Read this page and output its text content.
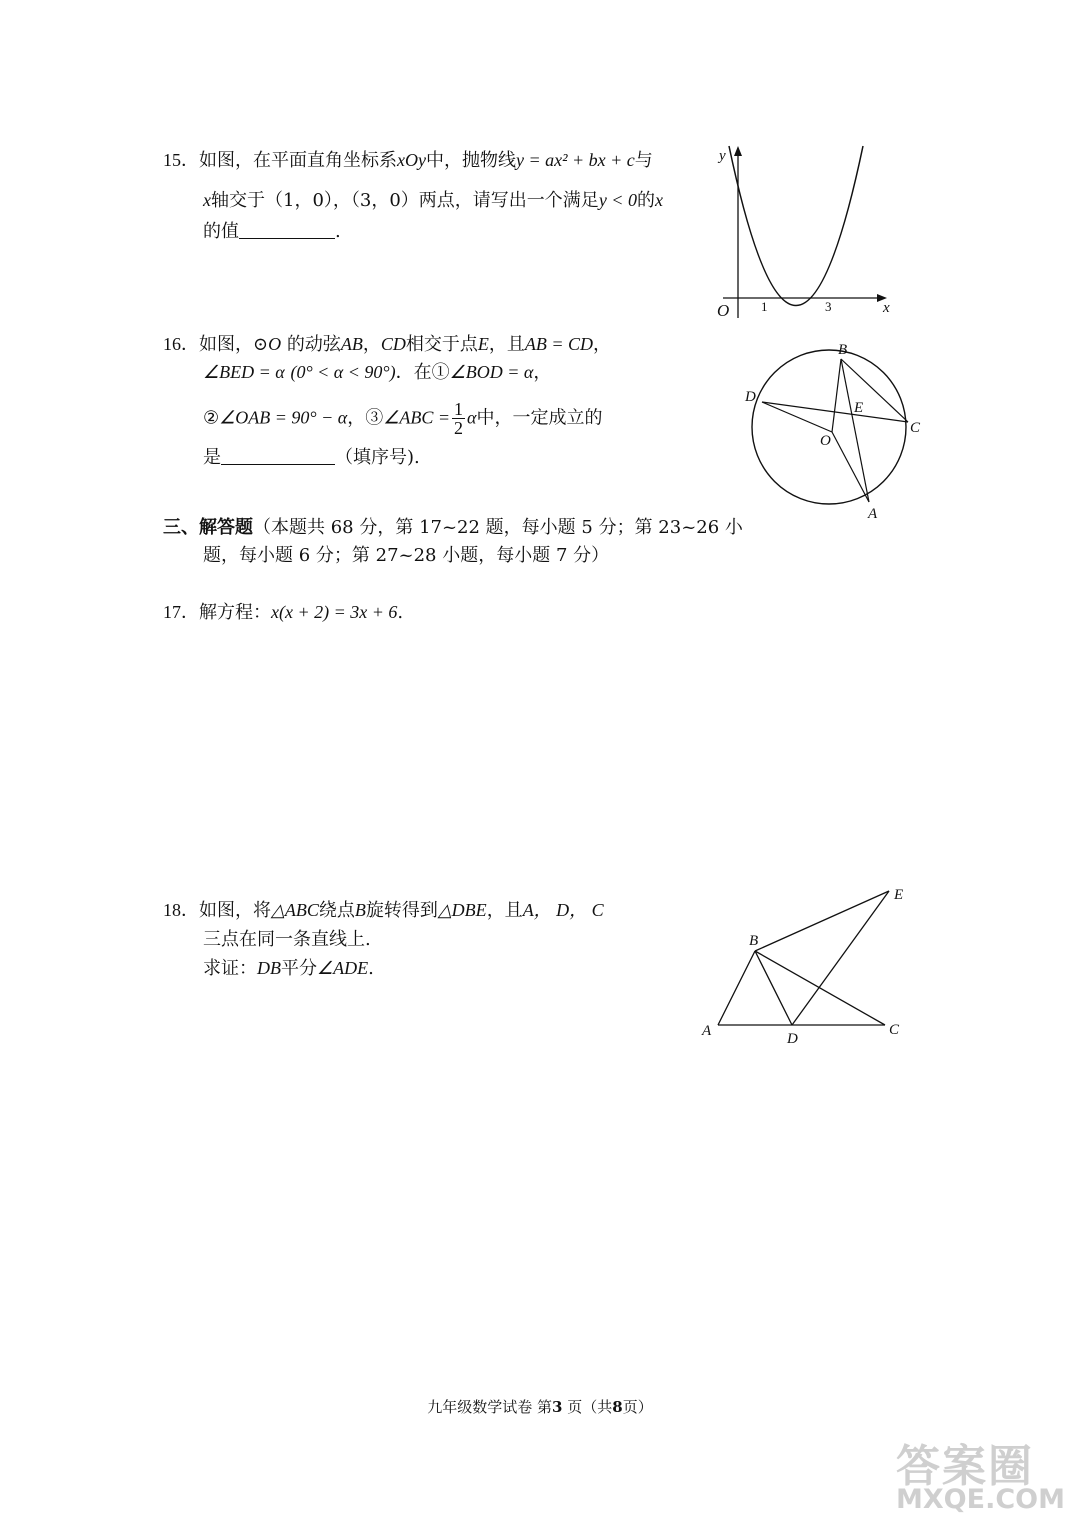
15．如图，在平面直角坐标系xOy中，抛物线y = ax² + bx + c与
x轴交于（1，0），（3，0）两点，请写出一个满足y < 0的x
的值	.
y
x
O 1	3
16．如图，⊙O 的动弦AB，CD相交于点E，且AB = CD，
∠BED = α (0° < α < 90°)．在①∠BOD = α，
②∠OAB = 90° − α，③∠ABC = $\frac{1}{2}$ α中，一定成立的
是	（填序号).
B
D
E
O
C
A
三、解答题（本题共 68 分，第 17~22 题，每小题 5 分；第 23~26 小
题，每小题 6 分；第 27~28 小题，每小题 7 分）
17．解方程：x(x + 2) = 3x + 6.
18．如图，将△ABC绕点B旋转得到△DBE，且A， D， C
三点在同一条直线上.
求证：DB平分∠ADE.
E
B
A	D
C
九年级数学试卷 第3 页（共8页）
答案圈
MXQE.COM
